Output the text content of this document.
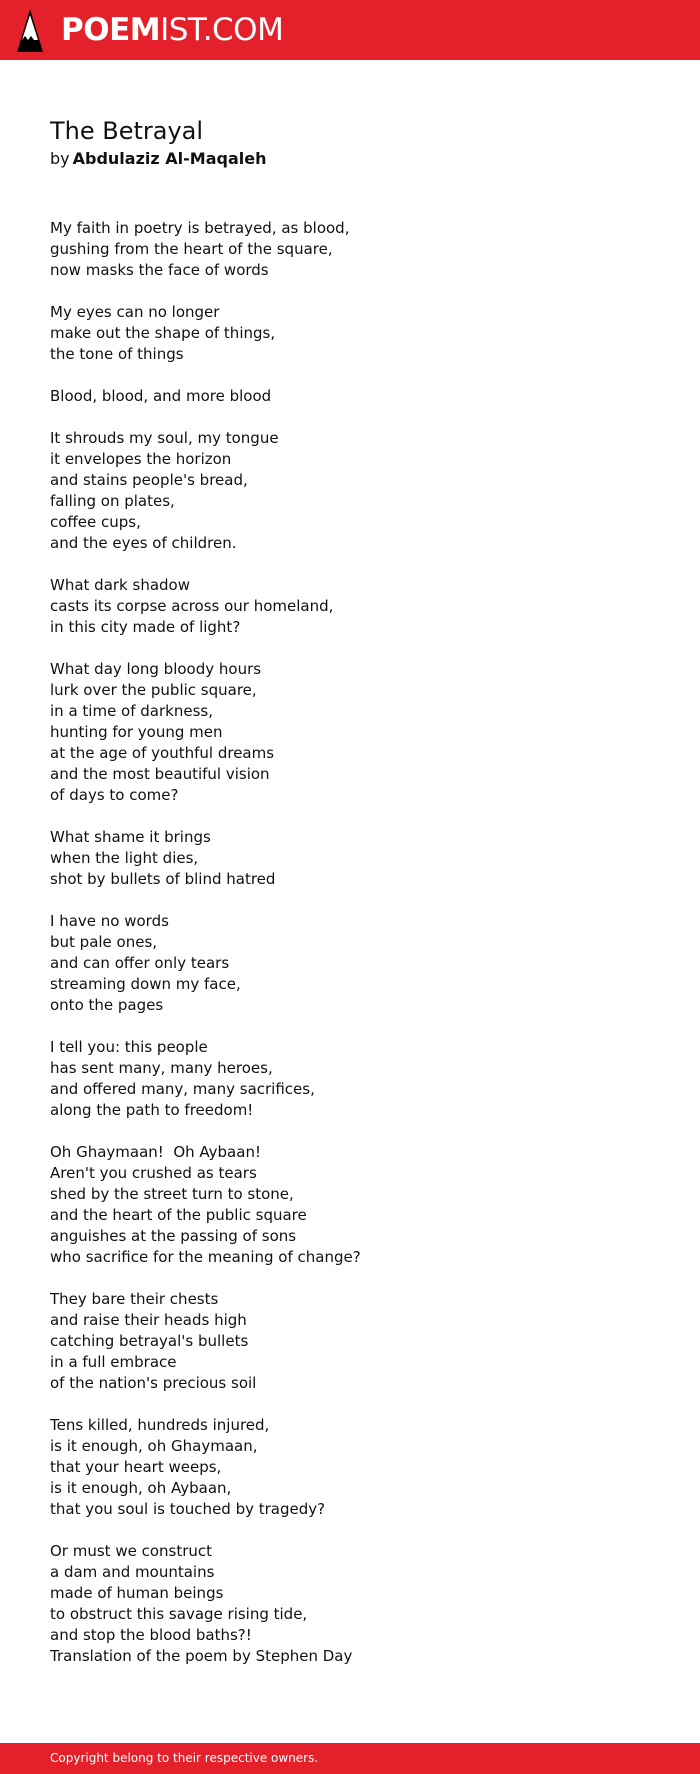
POEMIST.COM
The Betrayal
by Abdulaziz Al-Maqaleh
My faith in poetry is betrayed, as blood,
gushing from the heart of the square,
now masks the face of words
My eyes can no longer
make out the shape of things,
the tone of things
Blood, blood, and more blood
It shrouds my soul, my tongue
it envelopes the horizon
and stains people's bread,
falling on plates,
coffee cups,
and the eyes of children.
What dark shadow
casts its corpse across our homeland,
in this city made of light?
What day long bloody hours
lurk over the public square,
in a time of darkness,
hunting for young men
at the age of youthful dreams
and the most beautiful vision
of days to come?
What shame it brings
when the light dies,
shot by bullets of blind hatred
I have no words
but pale ones,
and can offer only tears
streaming down my face,
onto the pages
I tell you: this people
has sent many, many heroes,
and offered many, many sacrifices,
along the path to freedom!
Oh Ghaymaan!  Oh Aybaan!
Aren't you crushed as tears
shed by the street turn to stone,
and the heart of the public square
anguishes at the passing of sons
who sacrifice for the meaning of change?
They bare their chests
and raise their heads high
catching betrayal's bullets
in a full embrace
of the nation's precious soil
Tens killed, hundreds injured,
is it enough, oh Ghaymaan,
that your heart weeps,
is it enough, oh Aybaan,
that you soul is touched by tragedy?
Or must we construct
a dam and mountains
made of human beings
to obstruct this savage rising tide,
and stop the blood baths?!
Translation of the poem by Stephen Day
Copyright belong to their respective owners.
